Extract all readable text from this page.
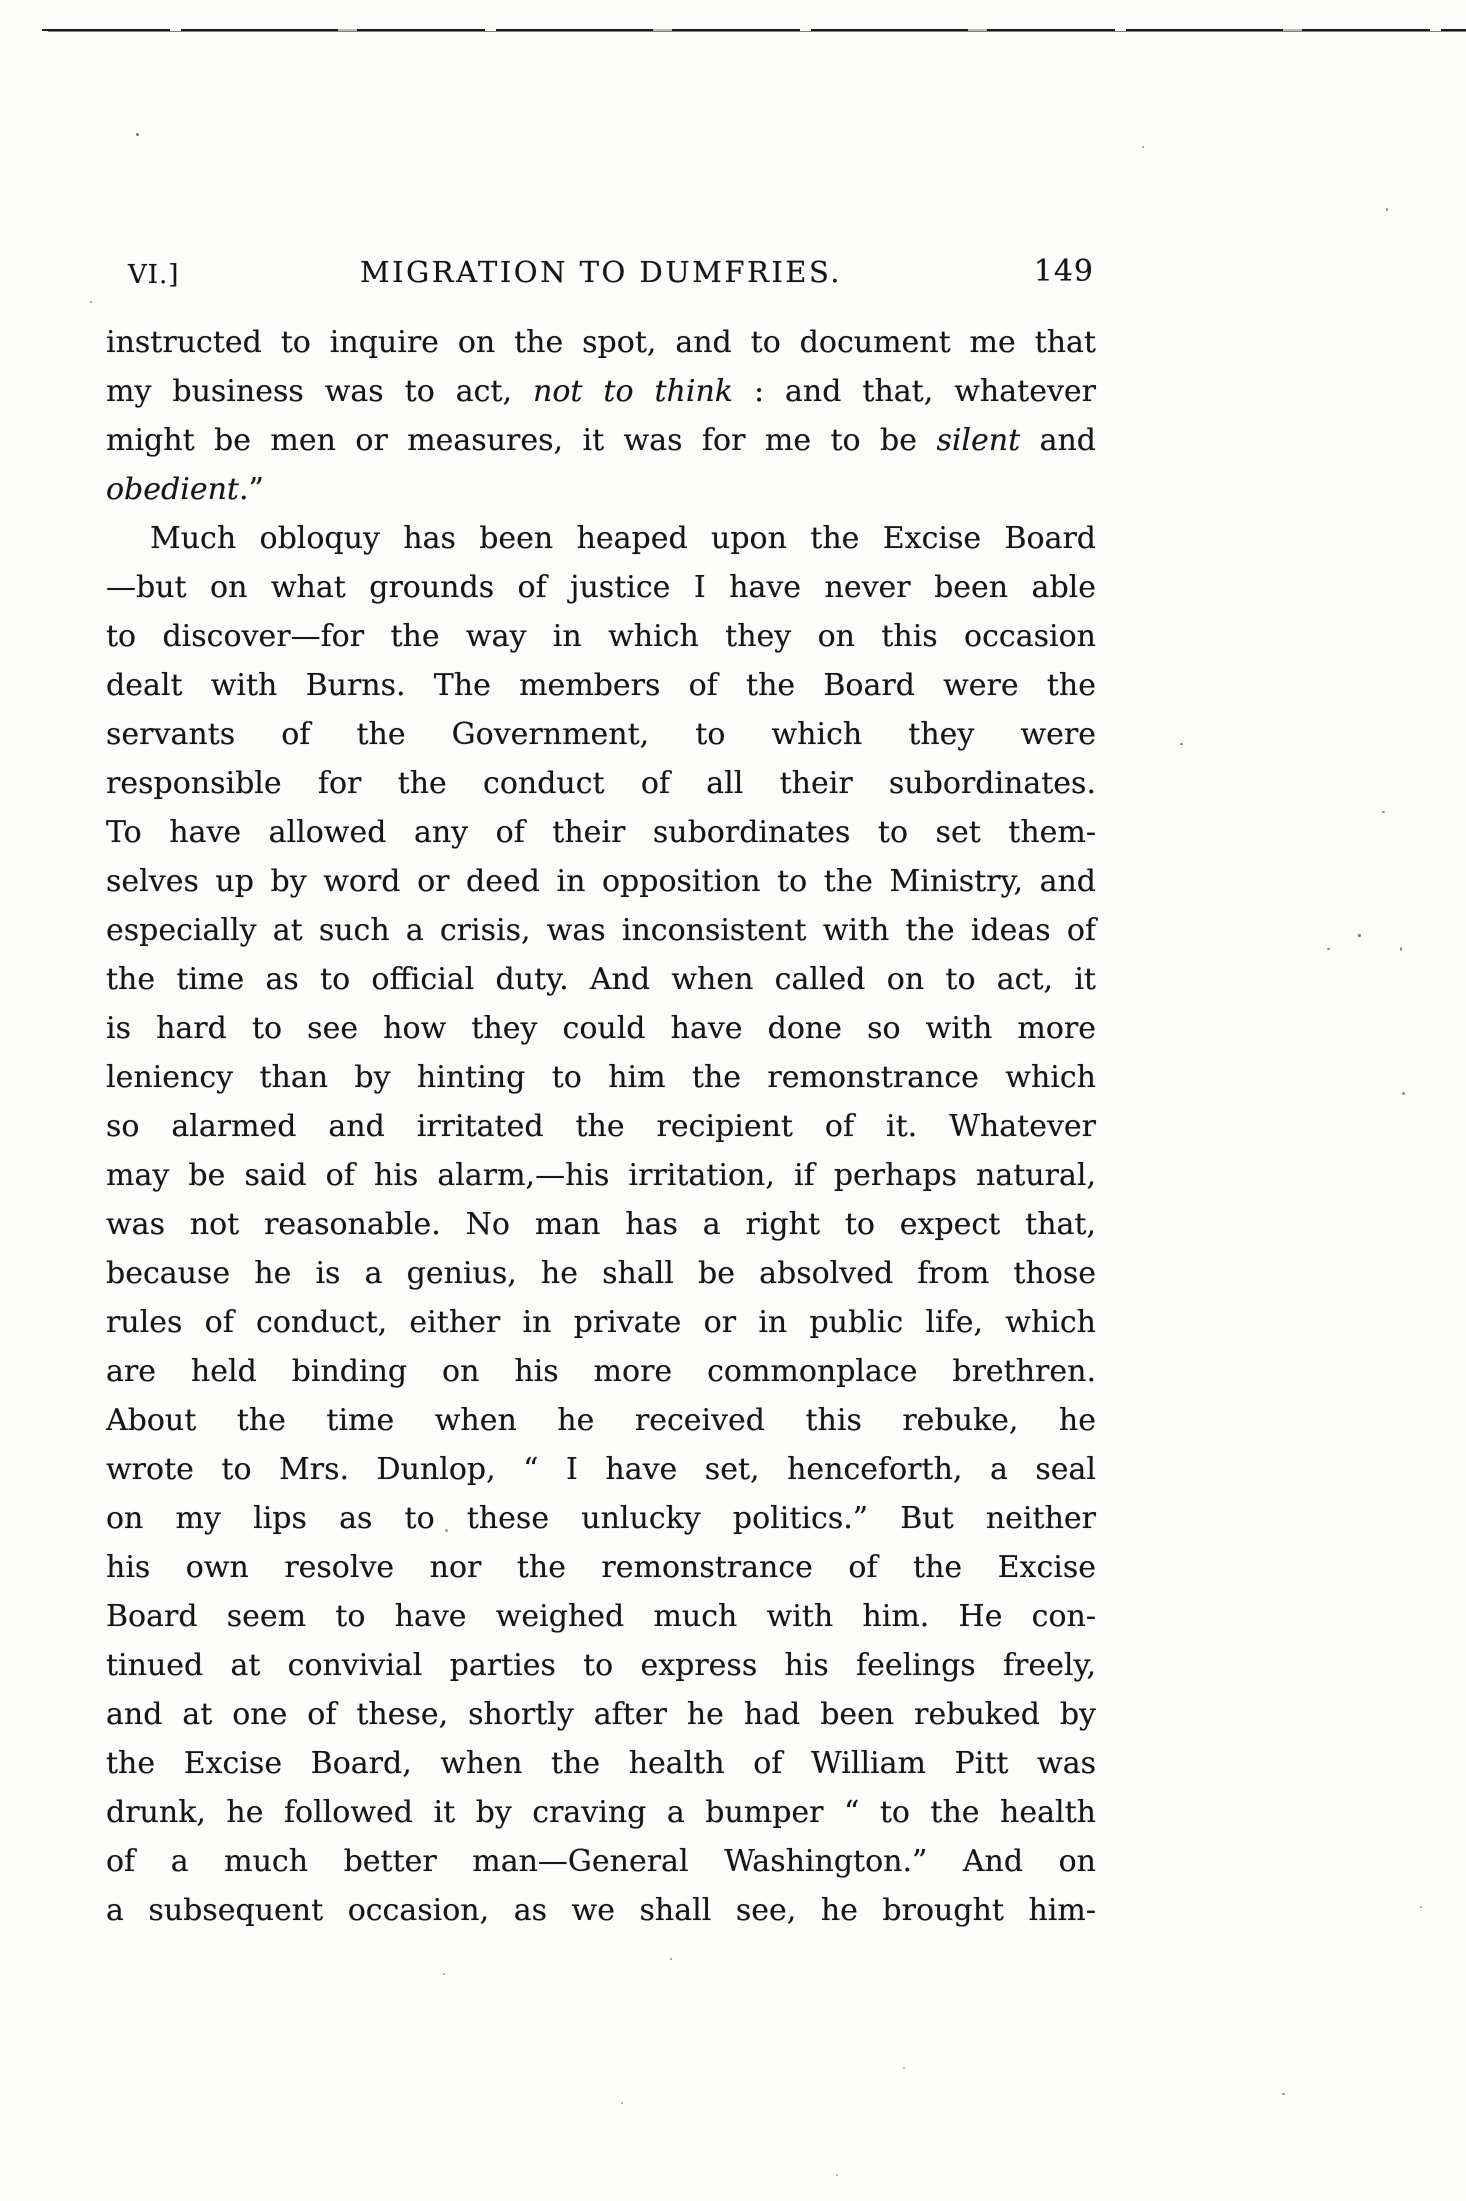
VI.]	MIGRATION TO DUMFRIES.	149
instructed to inquire on the spot, and to document me that
my business was to act, not to think : and that, whatever
might be men or measures, it was for me to be silent and
obedient.”
Much obloquy has been heaped upon the Excise Board
—but on what grounds of justice I have never been able
to discover—for the way in which they on this occasion
dealt with Burns. The members of the Board were the
servants of the Government, to which they were
responsible for the conduct of all their subordinates.
To have allowed any of their subordinates to set them-
selves up by word or deed in opposition to the Ministry, and
especially at such a crisis, was inconsistent with the ideas of
the time as to official duty. And when called on to act, it
is hard to see how they could have done so with more
leniency than by hinting to him the remonstrance which
so alarmed and irritated the recipient of it. Whatever
may be said of his alarm,—his irritation, if perhaps natural,
was not reasonable. No man has a right to expect that,
because he is a genius, he shall be absolved from those
rules of conduct, either in private or in public life, which
are held binding on his more commonplace brethren.
About the time when he received this rebuke, he
wrote to Mrs. Dunlop, “ I have set, henceforth, a seal
on my lips as to these unlucky politics.” But neither
his own resolve nor the remonstrance of the Excise
Board seem to have weighed much with him. He con-
tinued at convivial parties to express his feelings freely,
and at one of these, shortly after he had been rebuked by
the Excise Board, when the health of William Pitt was
drunk, he followed it by craving a bumper “ to the health
of a much better man—General Washington.” And on
a subsequent occasion, as we shall see, he brought him-
